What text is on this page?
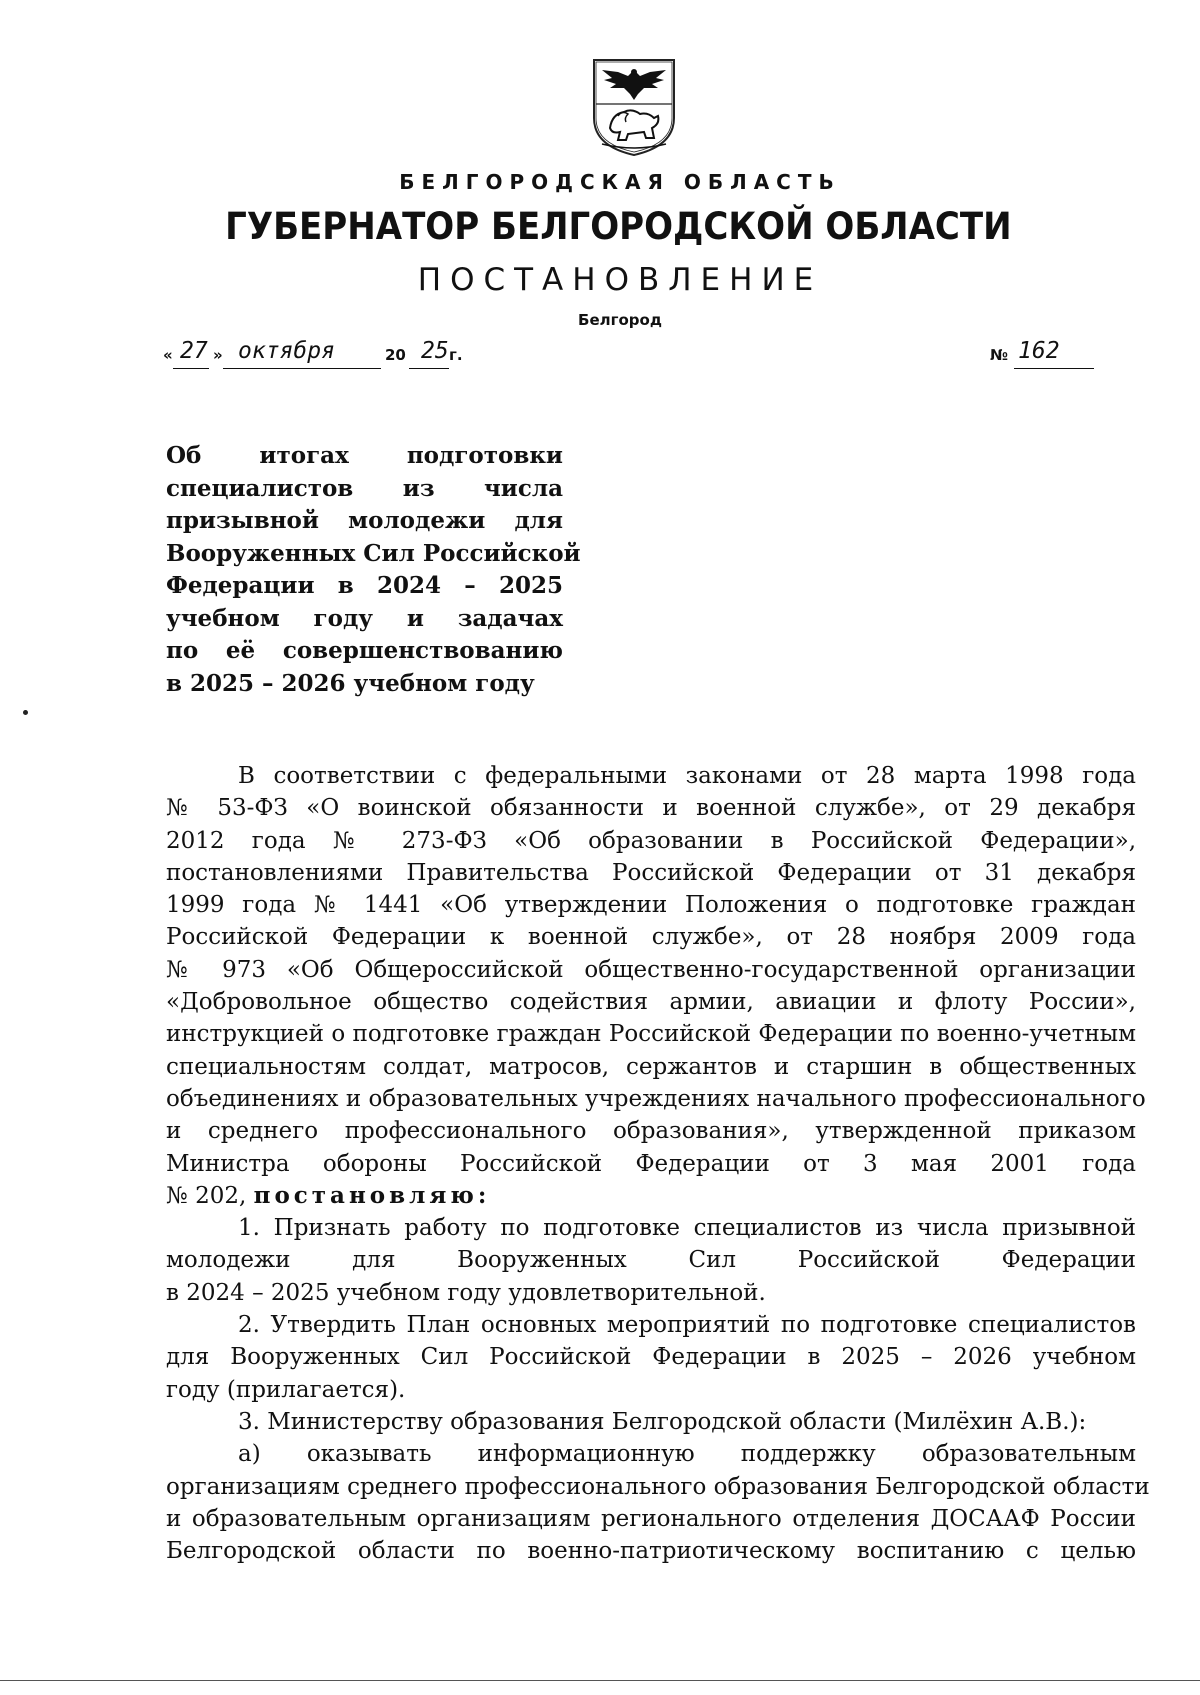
БЕЛГОРОДСКАЯ ОБЛАСТЬ
ГУБЕРНАТОР БЕЛГОРОДСКОЙ ОБЛАСТИ
ПОСТАНОВЛЕНИЕ
Белгород
« 27 » октября	20 25 г.	№ 162
Об итогах подготовки
специалистов из числа
призывной молодежи для
Вооруженных Сил Российской
Федерации в 2024 – 2025
учебном году и задачах
по её совершенствованию
в 2025 – 2026 учебном году
В соответствии с федеральными законами от 28 марта 1998 года
№ 53-ФЗ «О воинской обязанности и военной службе», от 29 декабря
2012 года № 273-ФЗ «Об образовании в Российской Федерации»,
постановлениями Правительства Российской Федерации от 31 декабря
1999 года № 1441 «Об утверждении Положения о подготовке граждан
Российской Федерации к военной службе», от 28 ноября 2009 года
№ 973 «Об Общероссийской общественно-государственной организации
«Добровольное общество содействия армии, авиации и флоту России»,
инструкцией о подготовке граждан Российской Федерации по военно-учетным
специальностям солдат, матросов, сержантов и старшин в общественных
объединениях и образовательных учреждениях начального профессионального
и среднего профессионального образования», утвержденной приказом
Министра обороны Российской Федерации от 3 мая 2001 года
№ 202, постановляю:
1. Признать работу по подготовке специалистов из числа призывной
молодежи для Вооруженных Сил Российской Федерации
в 2024 – 2025 учебном году удовлетворительной.
2. Утвердить План основных мероприятий по подготовке специалистов
для Вооруженных Сил Российской Федерации в 2025 – 2026 учебном
году (прилагается).
3. Министерству образования Белгородской области (Милёхин А.В.):
а) оказывать информационную поддержку образовательным
организациям среднего профессионального образования Белгородской области
и образовательным организациям регионального отделения ДОСААФ России
Белгородской области по военно-патриотическому воспитанию с целью
